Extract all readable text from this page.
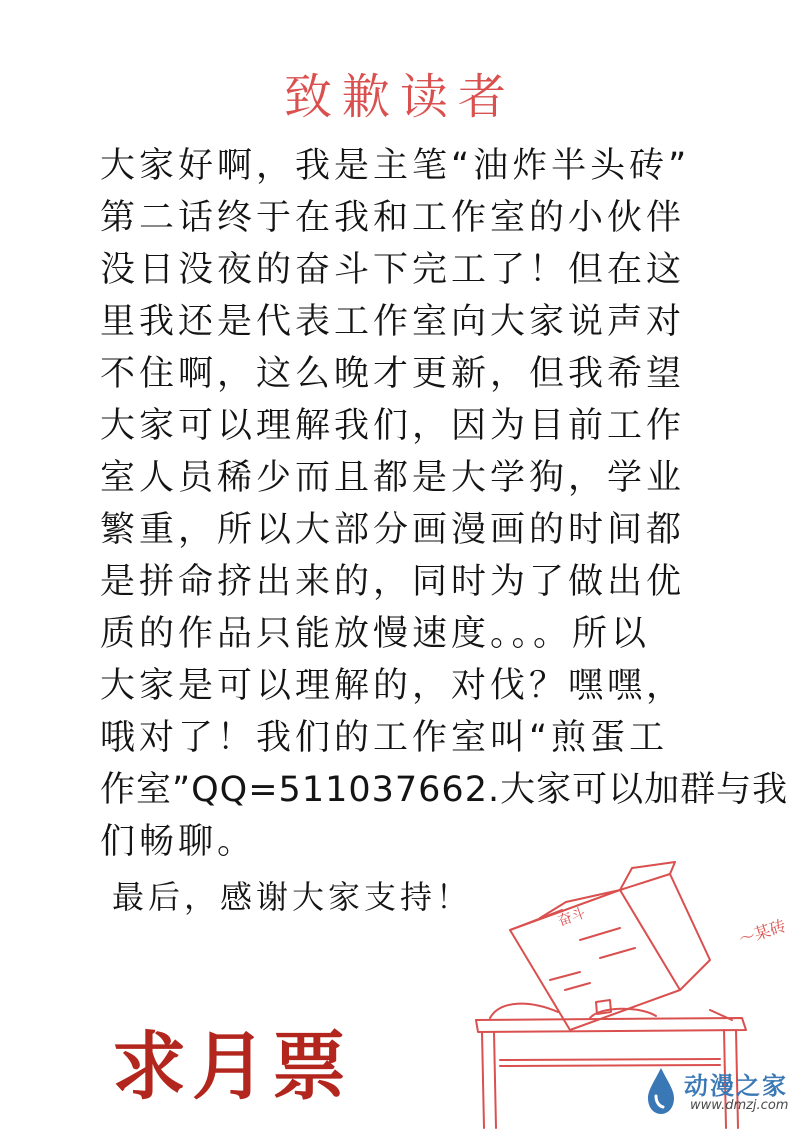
致歉读者
大家好啊，我是主笔“油炸半头砖”
第二话终于在我和工作室的小伙伴
没日没夜的奋斗下完工了！但在这
里我还是代表工作室向大家说声对
不住啊，这么晚才更新，但我希望
大家可以理解我们，因为目前工作
室人员稀少而且都是大学狗，学业
繁重，所以大部分画漫画的时间都
是拼命挤出来的，同时为了做出优
质的作品只能放慢速度。。。所以
大家是可以理解的，对伐？嘿嘿，
哦对了！我们的工作室叫“煎蛋工
作室”QQ=511037662.大家可以加群与我
们畅聊。
最后，感谢大家支持！
求月票
奋斗	～某砖
动漫之家
www.dmzj.com
